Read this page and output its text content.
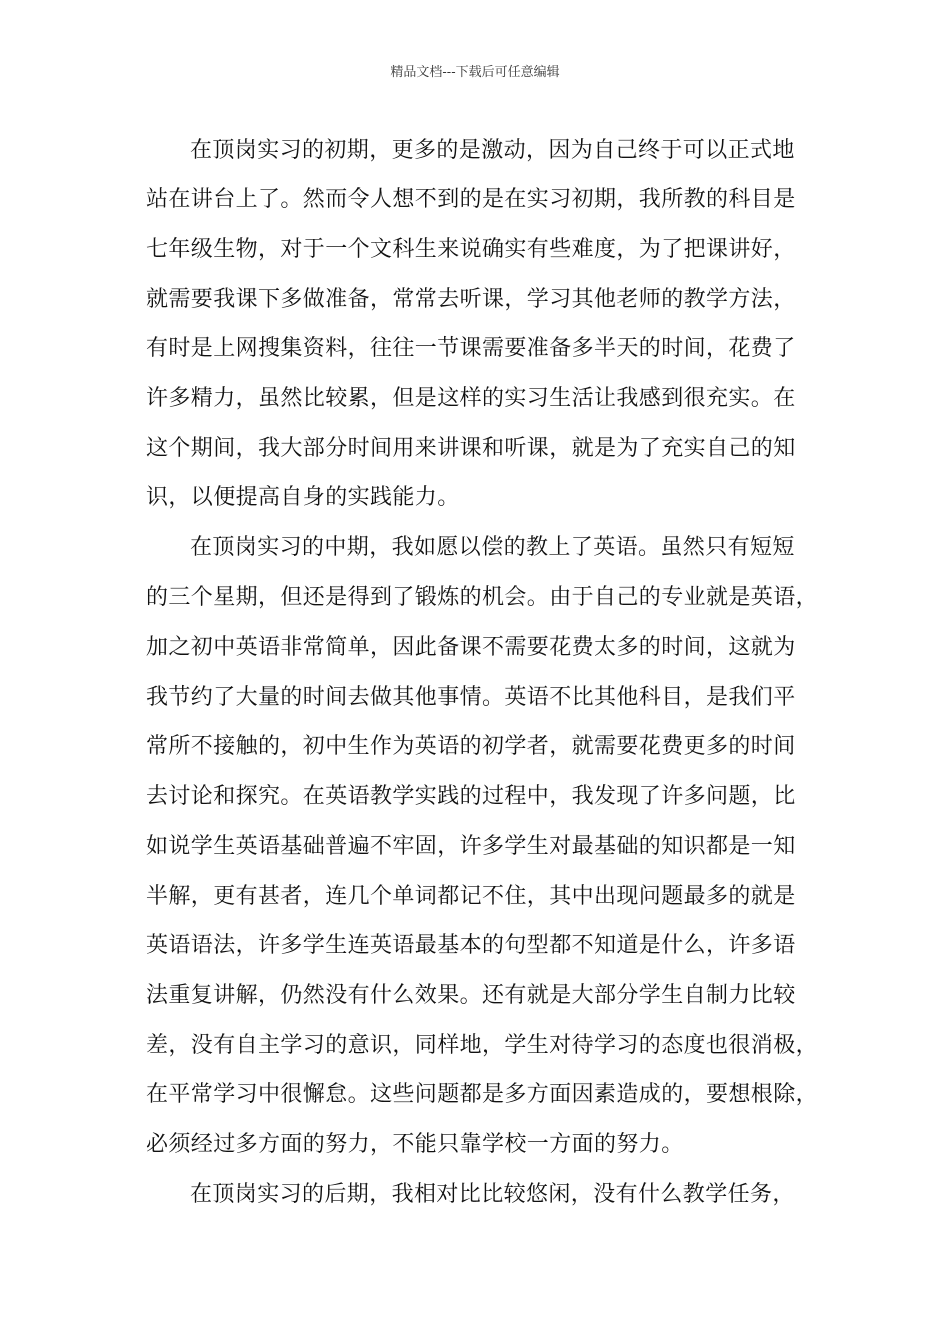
精品文档---下载后可任意编辑
在顶岗实习的初期，更多的是激动，因为自己终于可以正式地
站在讲台上了。然而令人想不到的是在实习初期，我所教的科目是
七年级生物，对于一个文科生来说确实有些难度，为了把课讲好，
就需要我课下多做准备，常常去听课，学习其他老师的教学方法，
有时是上网搜集资料，往往一节课需要准备多半天的时间，花费了
许多精力，虽然比较累，但是这样的实习生活让我感到很充实。在
这个期间，我大部分时间用来讲课和听课，就是为了充实自己的知
识，以便提高自身的实践能力。
在顶岗实习的中期，我如愿以偿的教上了英语。虽然只有短短
的三个星期，但还是得到了锻炼的机会。由于自己的专业就是英语，
加之初中英语非常简单，因此备课不需要花费太多的时间，这就为
我节约了大量的时间去做其他事情。英语不比其他科目，是我们平
常所不接触的，初中生作为英语的初学者，就需要花费更多的时间
去讨论和探究。在英语教学实践的过程中，我发现了许多问题，比
如说学生英语基础普遍不牢固，许多学生对最基础的知识都是一知
半解，更有甚者，连几个单词都记不住，其中出现问题最多的就是
英语语法，许多学生连英语最基本的句型都不知道是什么，许多语
法重复讲解，仍然没有什么效果。还有就是大部分学生自制力比较
差，没有自主学习的意识，同样地，学生对待学习的态度也很消极，
在平常学习中很懈怠。这些问题都是多方面因素造成的，要想根除，
必须经过多方面的努力，不能只靠学校一方面的努力。
在顶岗实习的后期，我相对比比较悠闲，没有什么教学任务，
